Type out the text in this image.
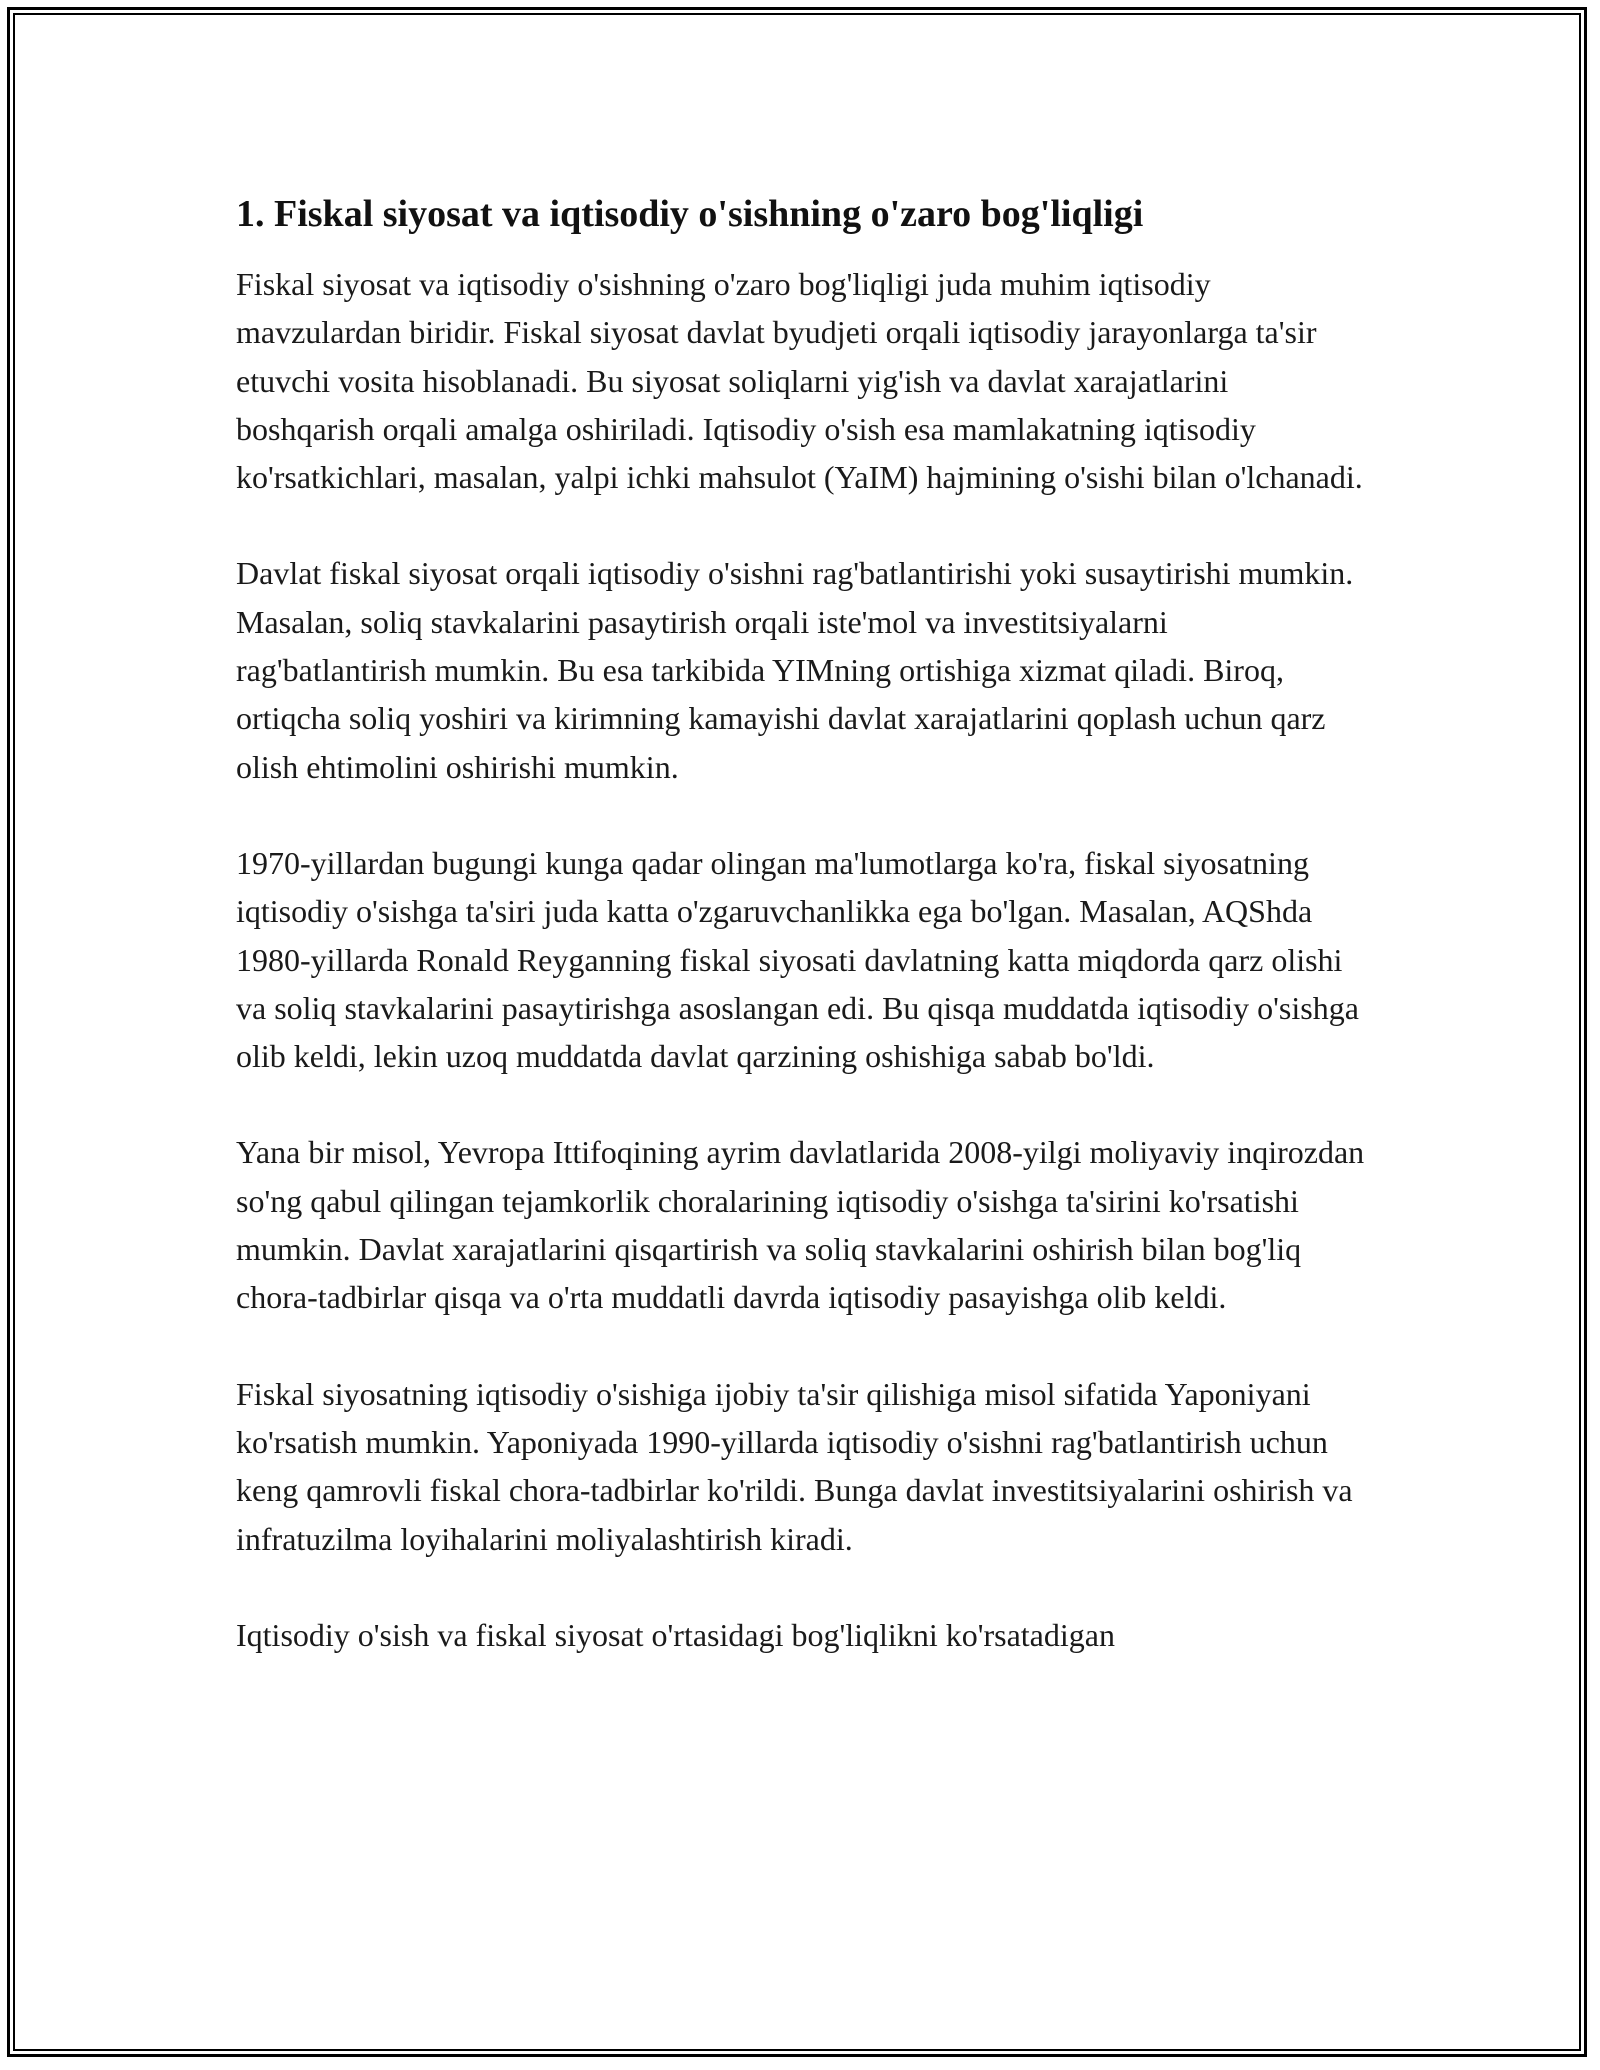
1. Fiskal siyosat va iqtisodiy o'sishning o'zaro bog'liqligi

Fiskal siyosat va iqtisodiy o'sishning o'zaro bog'liqligi juda muhim iqtisodiy mavzulardan biridir. Fiskal siyosat davlat byudjeti orqali iqtisodiy jarayonlarga ta'sir etuvchi vosita hisoblanadi. Bu siyosat soliqlarni yig'ish va davlat xarajatlarini boshqarish orqali amalga oshiriladi. Iqtisodiy o'sish esa mamlakatning iqtisodiy ko'rsatkichlari, masalan, yalpi ichki mahsulot (YaIM) hajmining o'sishi bilan o'lchanadi.

Davlat fiskal siyosat orqali iqtisodiy o'sishni rag'batlantirishi yoki susaytirishi mumkin. Masalan, soliq stavkalarini pasaytirish orqali iste'mol va investitsiyalarni rag'batlantirish mumkin. Bu esa tarkibida YIMning ortishiga xizmat qiladi. Biroq, ortiqcha soliq yoshiri va kirimning kamayishi davlat xarajatlarini qoplash uchun qarz olish ehtimolini oshirishi mumkin.

1970-yillardan bugungi kunga qadar olingan ma'lumotlarga ko'ra, fiskal siyosatning iqtisodiy o'sishga ta'siri juda katta o'zgaruvchanlikka ega bo'lgan. Masalan, AQShda 1980-yillarda Ronald Reyganning fiskal siyosati davlatning katta miqdorda qarz olishi va soliq stavkalarini pasaytirishga asoslangan edi. Bu qisqa muddatda iqtisodiy o'sishga olib keldi, lekin uzoq muddatda davlat qarzining oshishiga sabab bo'ldi.

Yana bir misol, Yevropa Ittifoqining ayrim davlatlarida 2008-yilgi moliyaviy inqirozdan so'ng qabul qilingan tejamkorlik choralarining iqtisodiy o'sishga ta'sirini ko'rsatishi mumkin. Davlat xarajatlarini qisqartirish va soliq stavkalarini oshirish bilan bog'liq chora-tadbirlar qisqa va o'rta muddatli davrda iqtisodiy pasayishga olib keldi.

Fiskal siyosatning iqtisodiy o'sishiga ijobiy ta'sir qilishiga misol sifatida Yaponiyani ko'rsatish mumkin. Yaponiyada 1990-yillarda iqtisodiy o'sishni rag'batlantirish uchun keng qamrovli fiskal chora-tadbirlar ko'rildi. Bunga davlat investitsiyalarini oshirish va infratuzilma loyihalarini moliyalashtirish kiradi.

Iqtisodiy o'sish va fiskal siyosat o'rtasidagi bog'liqlikni ko'rsatadigan
